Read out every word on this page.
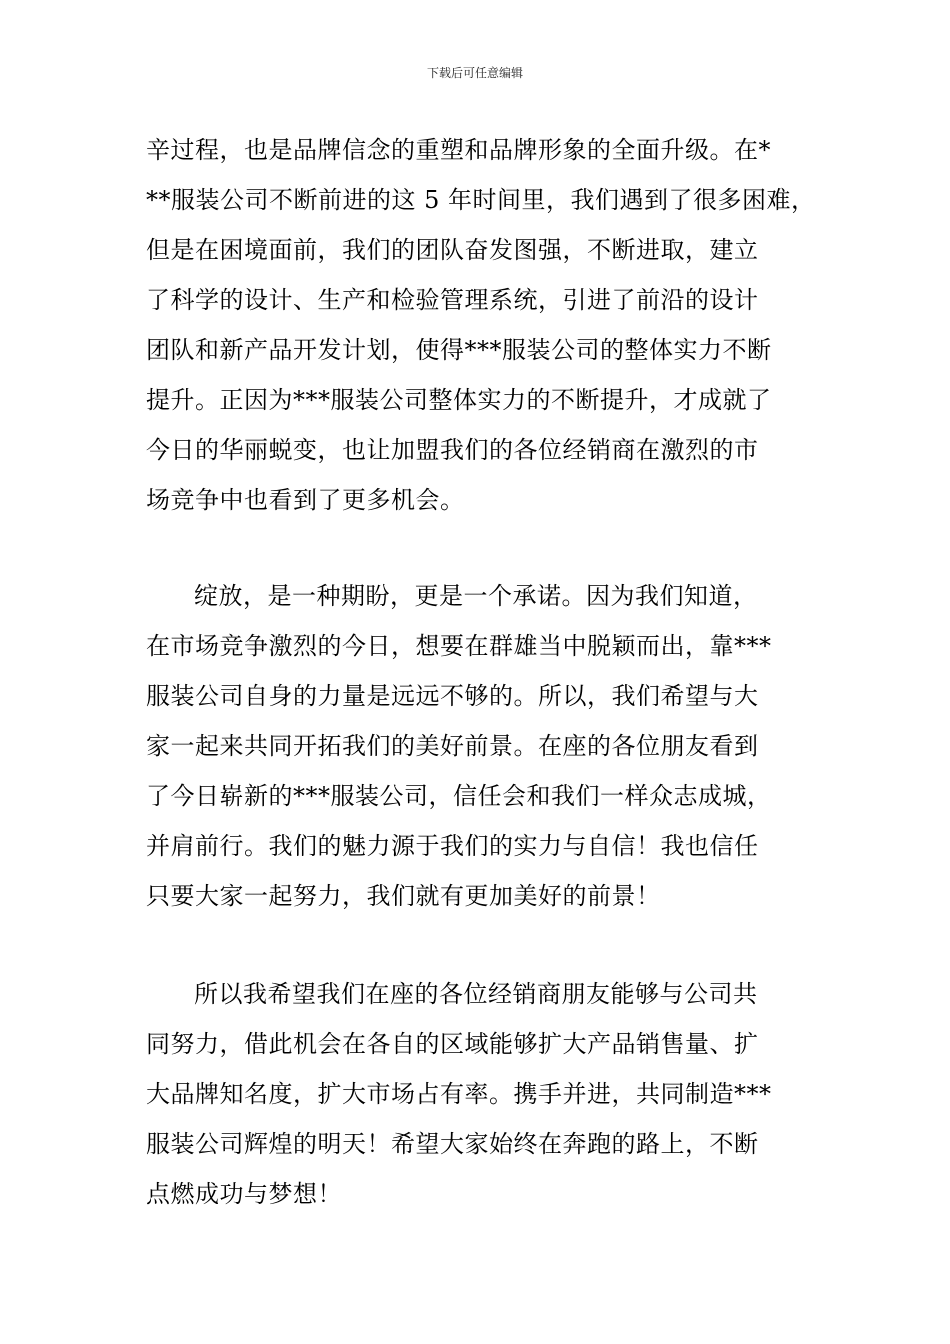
下载后可任意编辑
辛过程，也是品牌信念的重塑和品牌形象的全面升级。在*
**服装公司不断前进的这 5 年时间里，我们遇到了很多困难，
但是在困境面前，我们的团队奋发图强，不断进取，建立
了科学的设计、生产和检验管理系统，引进了前沿的设计
团队和新产品开发计划，使得***服装公司的整体实力不断
提升。正因为***服装公司整体实力的不断提升，才成就了
今日的华丽蜕变，也让加盟我们的各位经销商在激烈的市
场竞争中也看到了更多机会。
绽放，是一种期盼，更是一个承诺。因为我们知道，
在市场竞争激烈的今日，想要在群雄当中脱颖而出，靠***
服装公司自身的力量是远远不够的。所以，我们希望与大
家一起来共同开拓我们的美好前景。在座的各位朋友看到
了今日崭新的***服装公司，信任会和我们一样众志成城，
并肩前行。我们的魅力源于我们的实力与自信！我也信任
只要大家一起努力，我们就有更加美好的前景！
所以我希望我们在座的各位经销商朋友能够与公司共
同努力，借此机会在各自的区域能够扩大产品销售量、扩
大品牌知名度，扩大市场占有率。携手并进，共同制造***
服装公司辉煌的明天！希望大家始终在奔跑的路上，不断
点燃成功与梦想！
